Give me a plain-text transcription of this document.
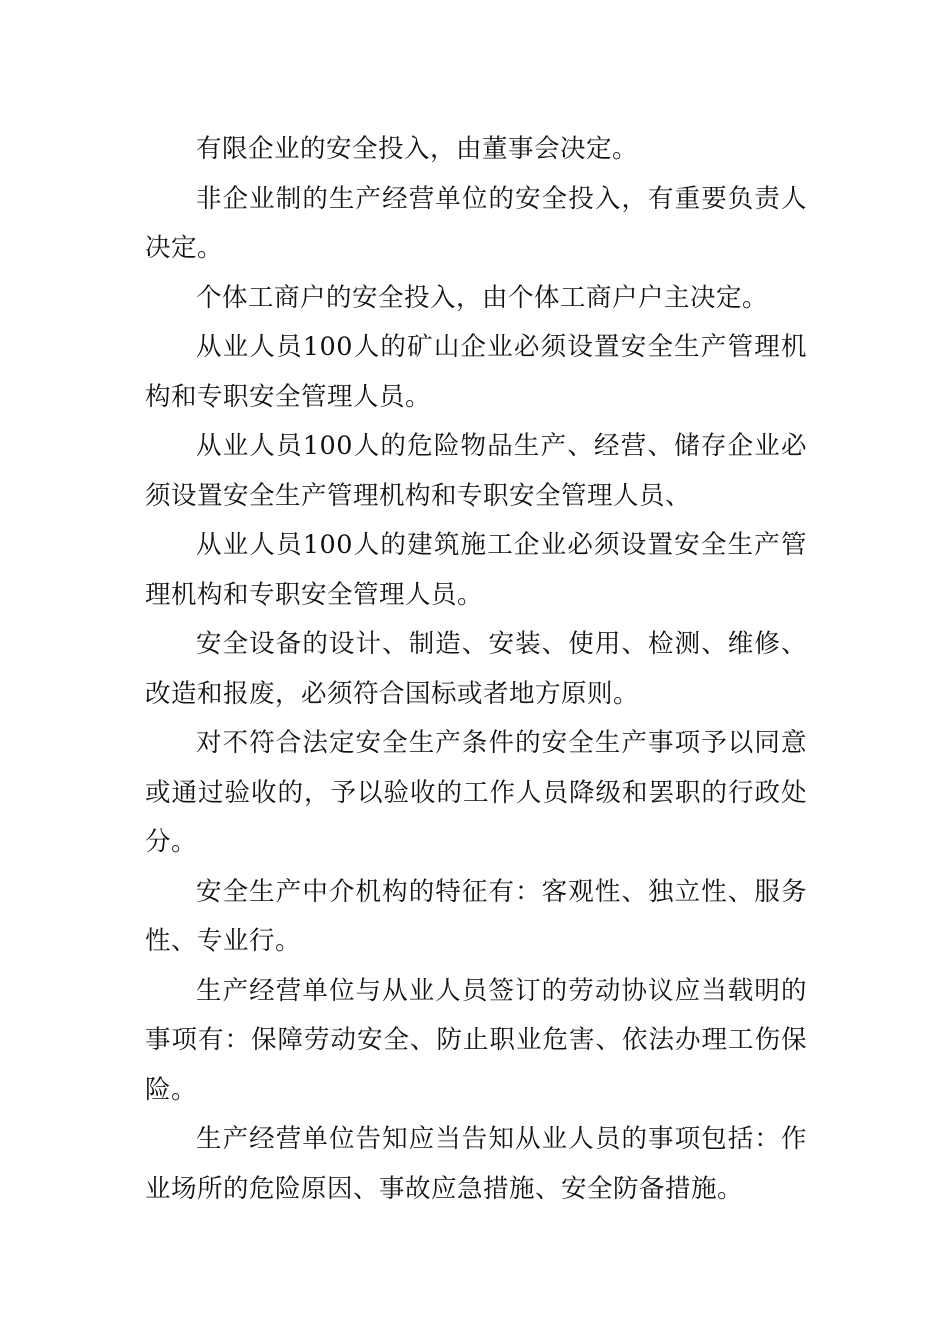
有限企业的安全投入，由董事会决定。

非企业制的生产经营单位的安全投入，有重要负责人决定。

个体工商户的安全投入，由个体工商户户主决定。

从业人员100人的矿山企业必须设置安全生产管理机构和专职安全管理人员。

从业人员100人的危险物品生产、经营、储存企业必须设置安全生产管理机构和专职安全管理人员、

从业人员100人的建筑施工企业必须设置安全生产管理机构和专职安全管理人员。

安全设备的设计、制造、安装、使用、检测、维修、改造和报废，必须符合国标或者地方原则。

对不符合法定安全生产条件的安全生产事项予以同意或通过验收的，予以验收的工作人员降级和罢职的行政处分。

安全生产中介机构的特征有：客观性、独立性、服务性、专业行。

生产经营单位与从业人员签订的劳动协议应当载明的事项有：保障劳动安全、防止职业危害、依法办理工伤保险。

生产经营单位告知应当告知从业人员的事项包括：作业场所的危险原因、事故应急措施、安全防备措施。
